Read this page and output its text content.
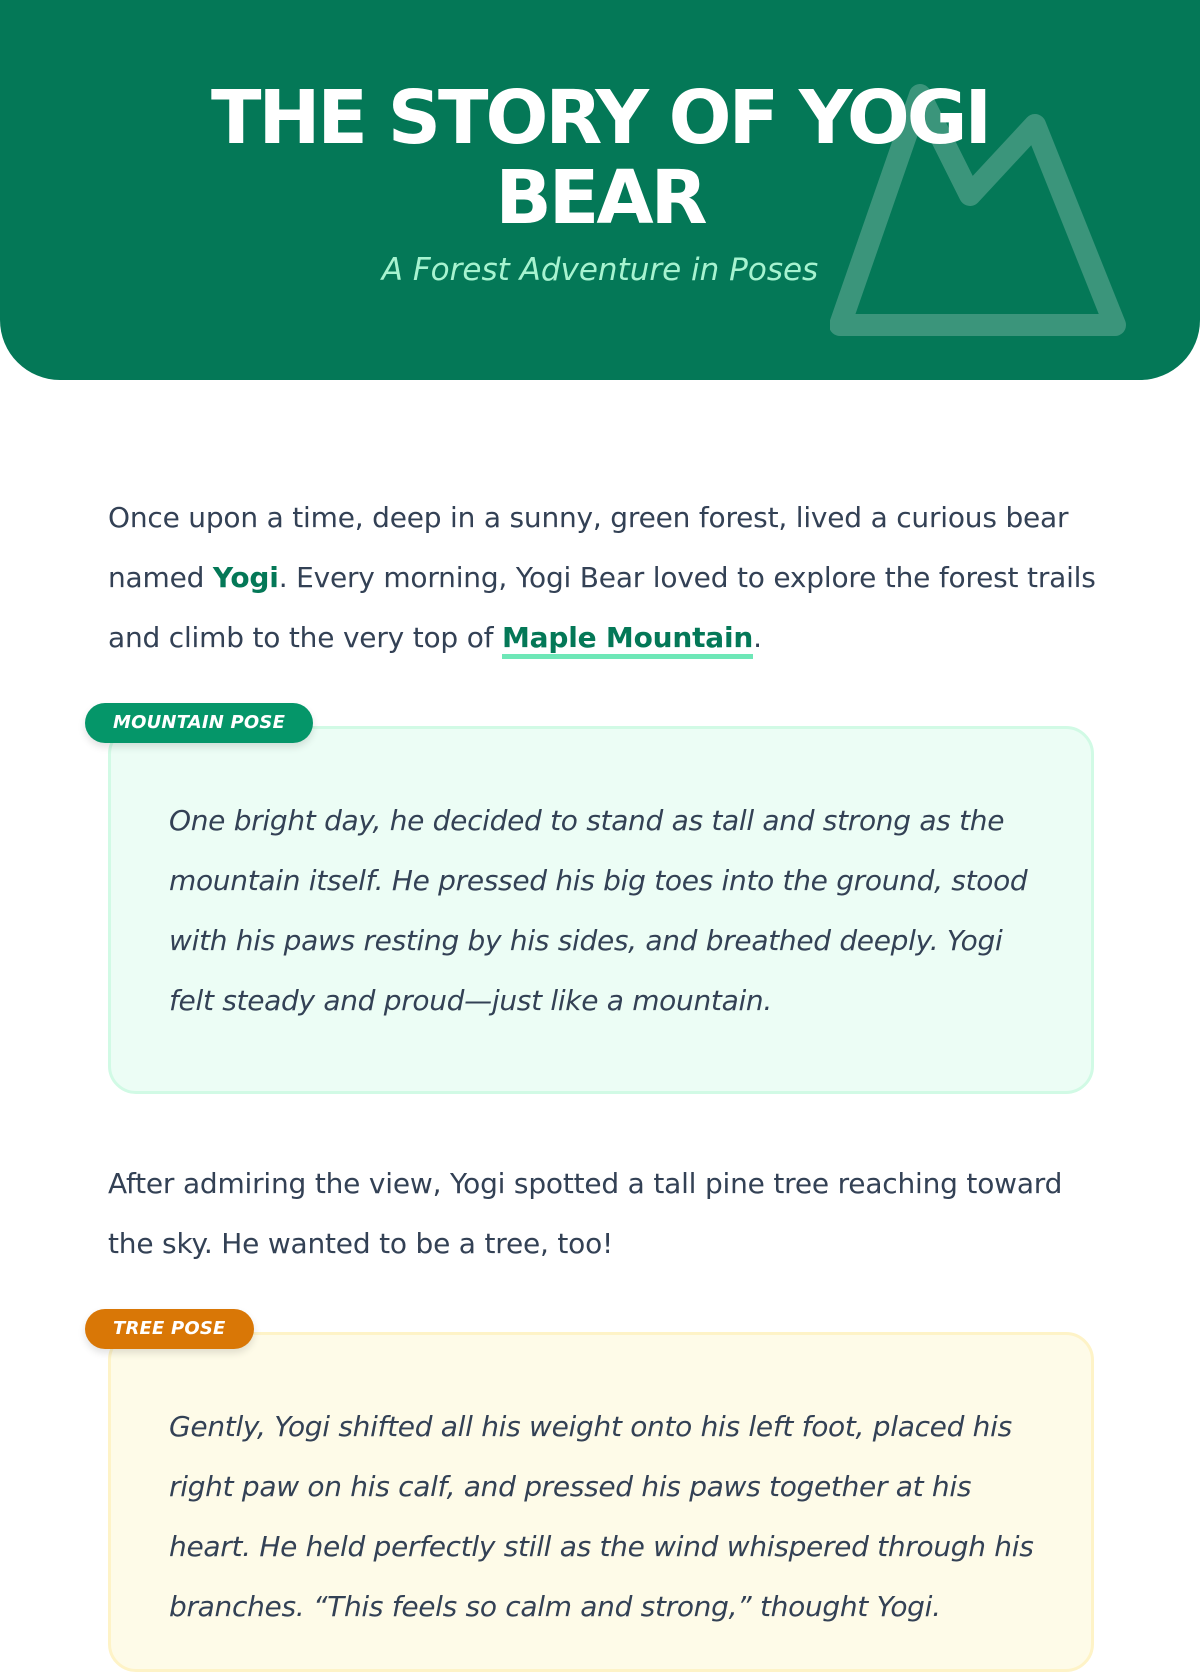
THE STORY OF YOGI BEAR
A Forest Adventure in Poses

Once upon a time, deep in a sunny, green forest, lived a curious bear named Yogi. Every morning, Yogi Bear loved to explore the forest trails and climb to the very top of Maple Mountain.

MOUNTAIN POSE

One bright day, he decided to stand as tall and strong as the mountain itself. He pressed his big toes into the ground, stood with his paws resting by his sides, and breathed deeply. Yogi felt steady and proud—just like a mountain.

After admiring the view, Yogi spotted a tall pine tree reaching toward the sky. He wanted to be a tree, too!

TREE POSE

Gently, Yogi shifted all his weight onto his left foot, placed his right paw on his calf, and pressed his paws together at his heart. He held perfectly still as the wind whispered through his branches. “This feels so calm and strong,” thought Yogi.
